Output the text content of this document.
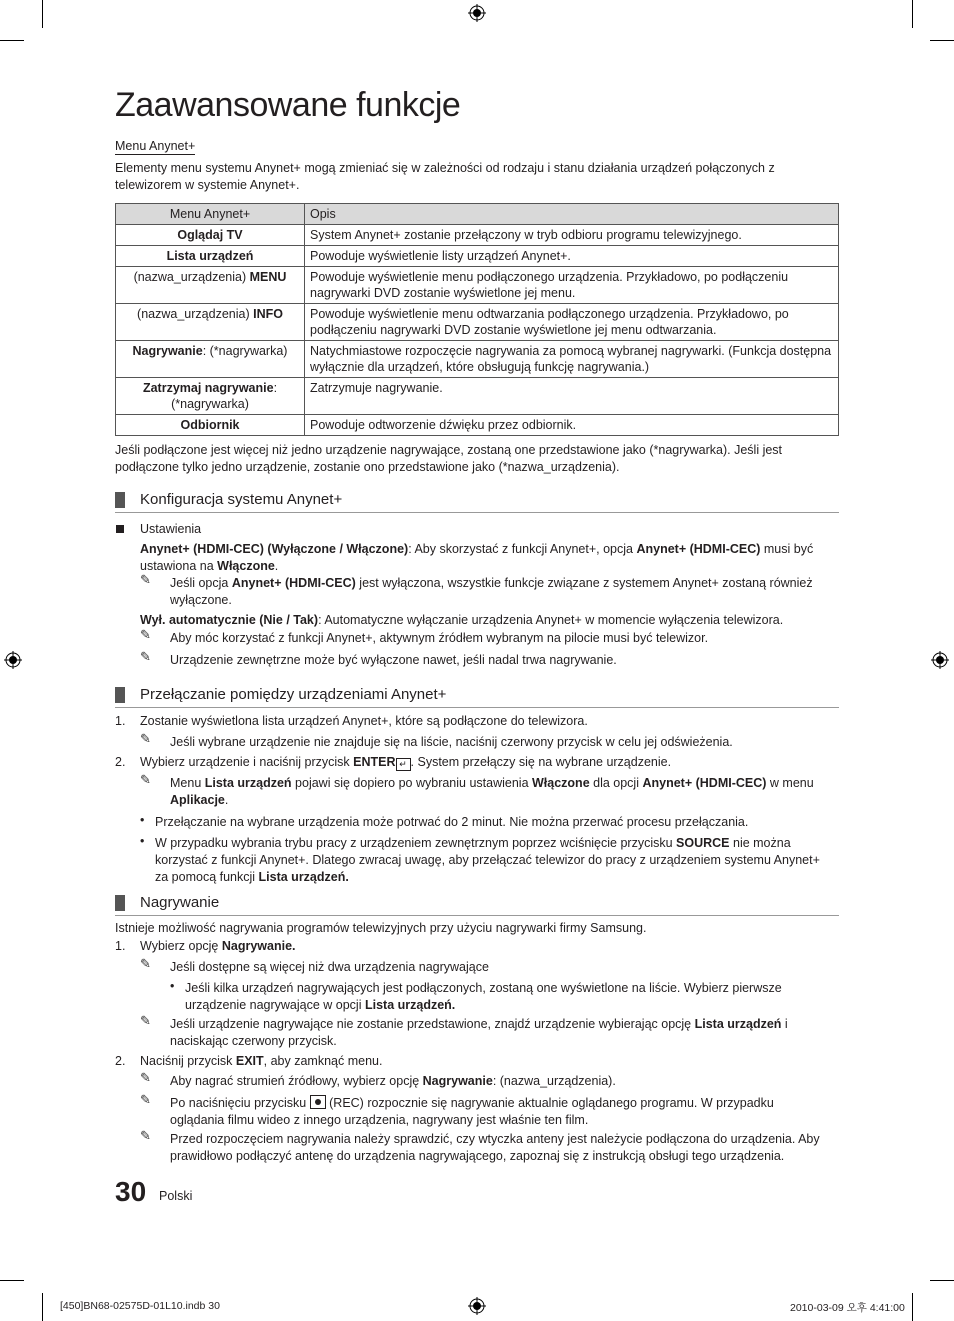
Zaawansowane funkcje
Menu Anynet+
Elementy menu systemu Anynet+ mogą zmieniać się w zależności od rodzaju i stanu działania urządzeń połączonych z telewizorem w systemie Anynet+.
Menu Anynet+	Opis
Oglądaj TV	System Anynet+ zostanie przełączony w tryb odbioru programu telewizyjnego.
Lista urządzeń	Powoduje wyświetlenie listy urządzeń Anynet+.
(nazwa_urządzenia) MENU	Powoduje wyświetlenie menu podłączonego urządzenia. Przykładowo, po podłączeniu nagrywarki DVD zostanie wyświetlone jej menu.
(nazwa_urządzenia) INFO	Powoduje wyświetlenie menu odtwarzania podłączonego urządzenia. Przykładowo, po podłączeniu nagrywarki DVD zostanie wyświetlone jej menu odtwarzania.
Nagrywanie: (*nagrywarka)	Natychmiastowe rozpoczęcie nagrywania za pomocą wybranej nagrywarki. (Funkcja dostępna wyłącznie dla urządzeń, które obsługują funkcję nagrywania.)
Zatrzymaj nagrywanie: (*nagrywarka)	Zatrzymuje nagrywanie.
Odbiornik	Powoduje odtworzenie dźwięku przez odbiornik.
Jeśli podłączone jest więcej niż jedno urządzenie nagrywające, zostaną one przedstawione jako (*nagrywarka). Jeśli jest podłączone tylko jedno urządzenie, zostanie ono przedstawione jako (*nazwa_urządzenia).
Konfiguracja systemu Anynet+
Ustawienia
Anynet+ (HDMI-CEC) (Wyłączone / Włączone): Aby skorzystać z funkcji Anynet+, opcja Anynet+ (HDMI-CEC) musi być ustawiona na Włączone.
✎ Jeśli opcja Anynet+ (HDMI-CEC) jest wyłączona, wszystkie funkcje związane z systemem Anynet+ zostaną również wyłączone.
Wył. automatycznie (Nie / Tak): Automatyczne wyłączanie urządzenia Anynet+ w momencie wyłączenia telewizora.
✎ Aby móc korzystać z funkcji Anynet+, aktywnym źródłem wybranym na pilocie musi być telewizor.
✎ Urządzenie zewnętrzne może być wyłączone nawet, jeśli nadal trwa nagrywanie.
Przełączanie pomiędzy urządzeniami Anynet+
1. Zostanie wyświetlona lista urządzeń Anynet+, które są podłączone do telewizora.
✎ Jeśli wybrane urządzenie nie znajduje się na liście, naciśnij czerwony przycisk w celu jej odświeżenia.
2. Wybierz urządzenie i naciśnij przycisk ENTER ↵ . System przełączy się na wybrane urządzenie.
✎ Menu Lista urządzeń pojawi się dopiero po wybraniu ustawienia Włączone dla opcji Anynet+ (HDMI-CEC) w menu Aplikacje.
• Przełączanie na wybrane urządzenia może potrwać do 2 minut. Nie można przerwać procesu przełączania.
• W przypadku wybrania trybu pracy z urządzeniem zewnętrznym poprzez wciśnięcie przycisku SOURCE nie można korzystać z funkcji Anynet+. Dlatego zwracaj uwagę, aby przełączać telewizor do pracy z urządzeniem systemu Anynet+ za pomocą funkcji Lista urządzeń.
Nagrywanie
Istnieje możliwość nagrywania programów telewizyjnych przy użyciu nagrywarki firmy Samsung.
1. Wybierz opcję Nagrywanie.
✎ Jeśli dostępne są więcej niż dwa urządzenia nagrywające
• Jeśli kilka urządzeń nagrywających jest podłączonych, zostaną one wyświetlone na liście. Wybierz pierwsze urządzenie nagrywające w opcji Lista urządzeń.
✎ Jeśli urządzenie nagrywające nie zostanie przedstawione, znajdź urządzenie wybierając opcję Lista urządzeń i naciskając czerwony przycisk.
2. Naciśnij przycisk EXIT, aby zamknąć menu.
✎ Aby nagrać strumień źródłowy, wybierz opcję Nagrywanie: (nazwa_urządzenia).
✎ Po naciśnięciu przycisku  (REC) rozpocznie się nagrywanie aktualnie oglądanego programu. W przypadku oglądania filmu wideo z innego urządzenia, nagrywany jest właśnie ten film.
✎ Przed rozpoczęciem nagrywania należy sprawdzić, czy wtyczka anteny jest należycie podłączona do urządzenia. Aby prawidłowo podłączyć antenę do urządzenia nagrywającego, zapoznaj się z instrukcją obsługi tego urządzenia.
30 Polski
[450]BN68-02575D-01L10.indb 30	2010-03-09 오후 4:41:00
